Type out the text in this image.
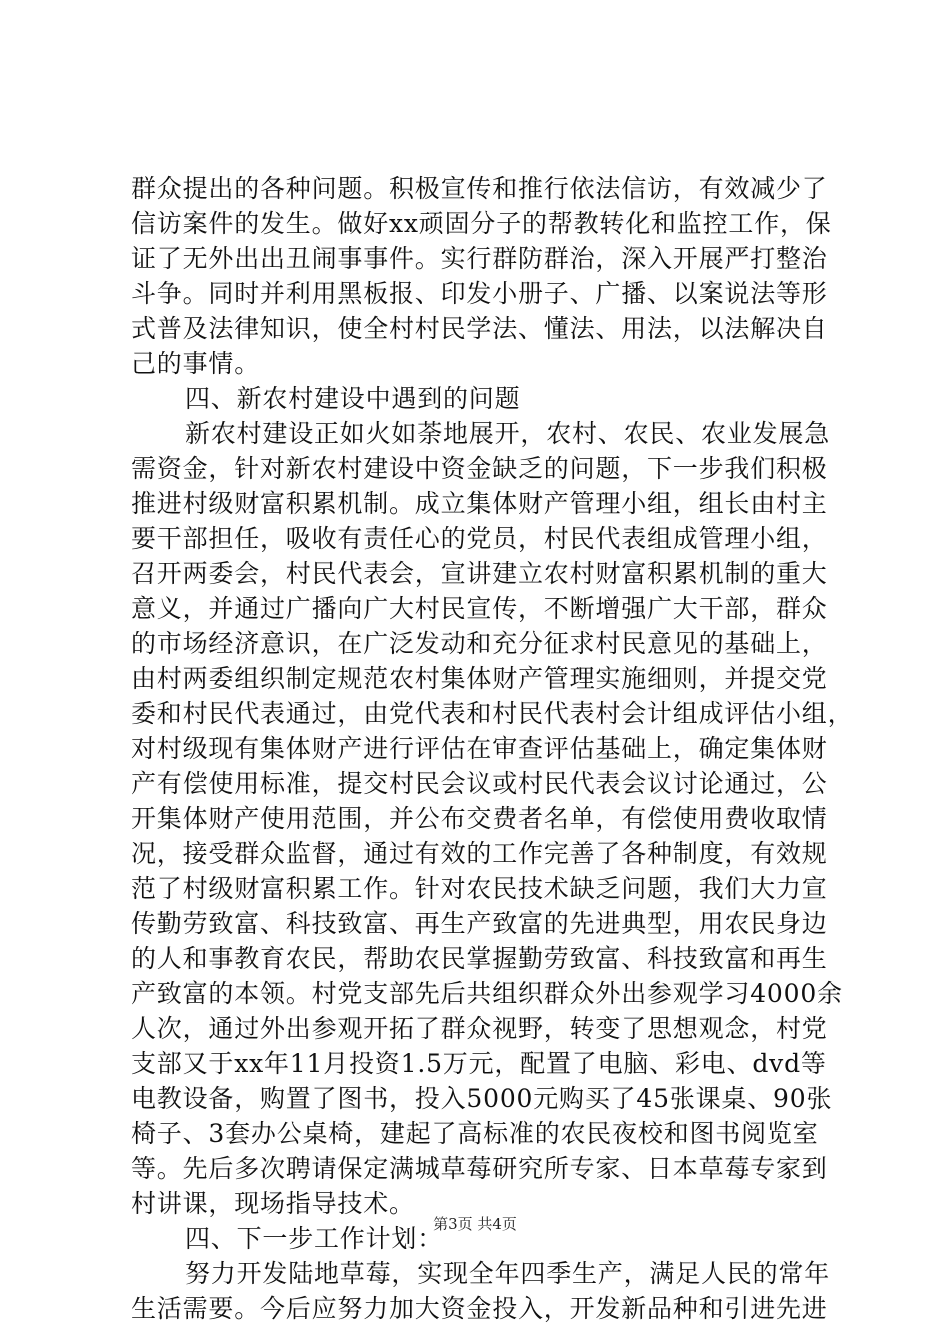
群众提出的各种问题。积极宣传和推行依法信访，有效减少了
信访案件的发生。做好xx顽固分子的帮教转化和监控工作，保
证了无外出出丑闹事事件。实行群防群治，深入开展严打整治
斗争。同时并利用黑板报、印发小册子、广播、以案说法等形
式普及法律知识，使全村村民学法、懂法、用法，以法解决自
己的事情。
四、新农村建设中遇到的问题
新农村建设正如火如荼地展开，农村、农民、农业发展急
需资金，针对新农村建设中资金缺乏的问题，下一步我们积极
推进村级财富积累机制。成立集体财产管理小组，组长由村主
要干部担任，吸收有责任心的党员，村民代表组成管理小组，
召开两委会，村民代表会，宣讲建立农村财富积累机制的重大
意义，并通过广播向广大村民宣传，不断增强广大干部，群众
的市场经济意识，在广泛发动和充分征求村民意见的基础上，
由村两委组织制定规范农村集体财产管理实施细则，并提交党
委和村民代表通过，由党代表和村民代表村会计组成评估小组，
对村级现有集体财产进行评估在审查评估基础上，确定集体财
产有偿使用标准，提交村民会议或村民代表会议讨论通过，公
开集体财产使用范围，并公布交费者名单，有偿使用费收取情
况，接受群众监督，通过有效的工作完善了各种制度，有效规
范了村级财富积累工作。针对农民技术缺乏问题，我们大力宣
传勤劳致富、科技致富、再生产致富的先进典型，用农民身边
的人和事教育农民，帮助农民掌握勤劳致富、科技致富和再生
产致富的本领。村党支部先后共组织群众外出参观学习4000余
人次，通过外出参观开拓了群众视野，转变了思想观念，村党
支部又于xx年11月投资1.5万元，配置了电脑、彩电、dvd等
电教设备，购置了图书，投入5000元购买了45张课桌、90张
椅子、3套办公桌椅，建起了高标准的农民夜校和图书阅览室
等。先后多次聘请保定满城草莓研究所专家、日本草莓专家到
村讲课，现场指导技术。
四、下一步工作计划：
努力开发陆地草莓，实现全年四季生产，满足人民的常年
生活需要。今后应努力加大资金投入，开发新品种和引进先进
第3页 共4页
